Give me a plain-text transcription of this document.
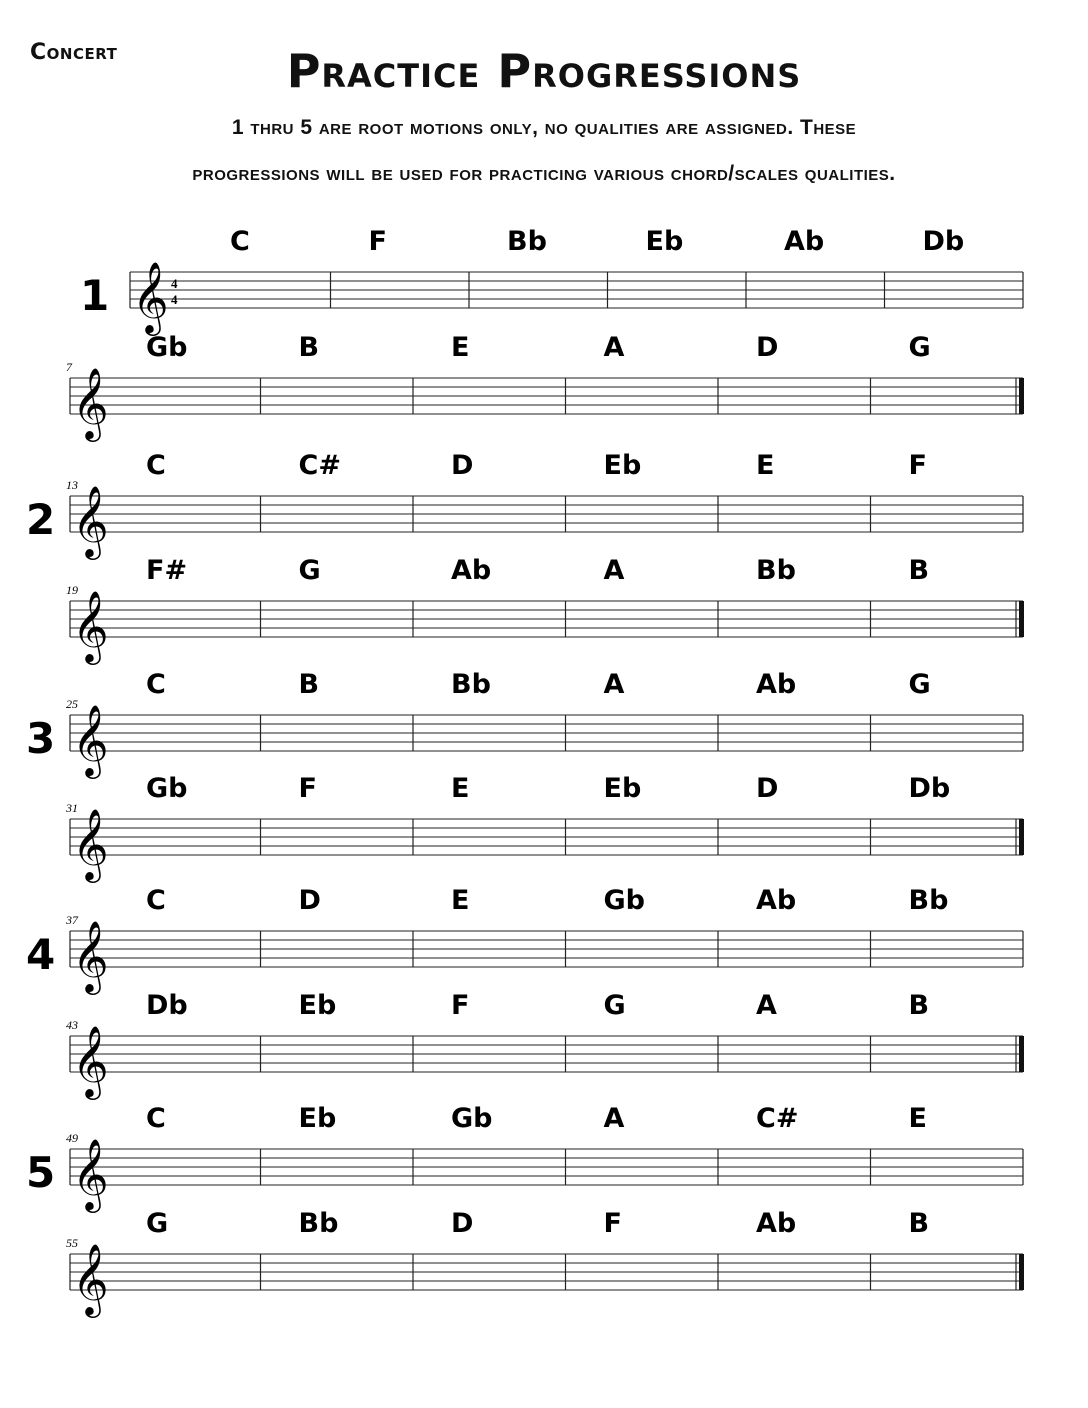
Concert	Practice Progressions
1 thru 5 are root motions only, no qualities are assigned. These
progressions will be used for practicing various chord/scales qualities.
1 𝄞 4
4
C	F	Bb	Eb	Ab	Db
𝄞
7
Gb	B	E	A	D	G
2 𝄞
13
C	C#	D	Eb	E	F
𝄞
19
F#	G	Ab	A	Bb	B
3 𝄞
25
C	B	Bb	A	Ab	G
𝄞
31
Gb	F	E	Eb	D	Db
4 𝄞
37
C	D	E	Gb	Ab	Bb
𝄞
43
Db	Eb	F	G	A	B
5 𝄞
49
C	Eb	Gb	A	C#	E
𝄞
55
G	Bb	D	F	Ab	B
